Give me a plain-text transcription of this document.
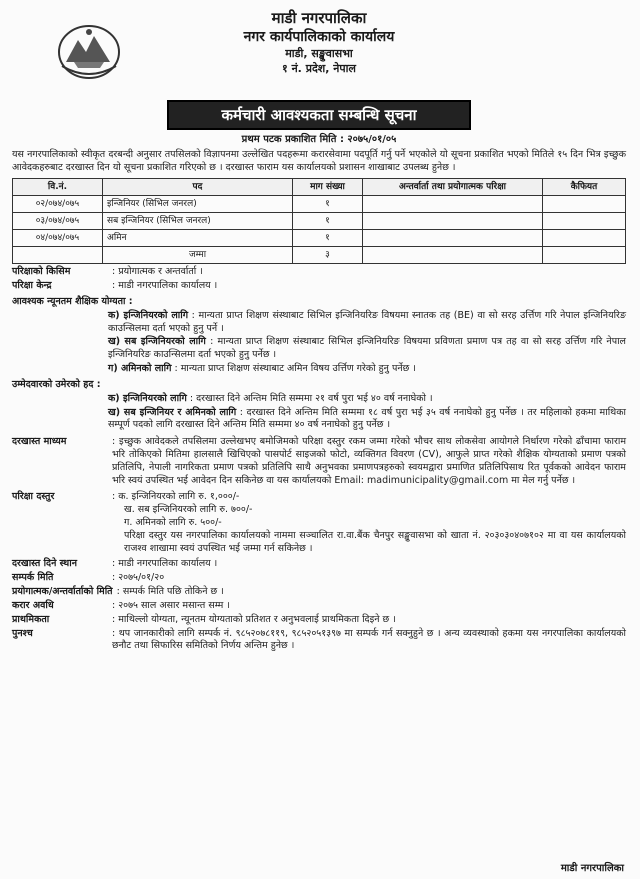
माडी नगरपालिका
नगर कार्यपालिकाको कार्यालय
माडी, सङ्खुवासभा
१ नं. प्रदेश, नेपाल
कर्मचारी आवश्यकता सम्बन्धि सूचना
प्रथम पटक प्रकाशित मिति : २०७५/०१/०५
यस नगरपालिकाको स्वीकृत दरबन्दी अनुसार तपसिलको विज्ञापनमा उल्लेखित पदहरूमा करारसेवामा पदपूर्ति गर्नु पर्ने भएकोले यो सूचना प्रकाशित भएको मितिले १५ दिन भित्र इच्छुक आवेदकहरुबाट दरखास्त दिन यो सूचना प्रकाशित गरिएको छ । दरखास्त फाराम यस कार्यालयको प्रशासन शाखाबाट उपलब्ध हुनेछ ।
वि.नं.	पद	माग संख्या	अन्तर्वार्ता तथा प्रयोगात्मक परिक्षा	कैफियत
०२/०७४/०७५	इन्जिनियर (सिभिल जनरल)	१		
०३/०७४/०७५	सब इन्जिनियर (सिभिल जनरल)	१		
०४/०७४/०७५	अमिन	१		
	जम्मा	३		
परिक्षाको किसिम	: प्रयोगात्मक र अन्तर्वार्ता ।
परिक्षा केन्द्र	: माडी नगरपालिका कार्यालय ।
आवश्यक न्यूनतम शैक्षिक योग्यता :
क) इन्जिनियरको लागि : मान्यता प्राप्त शिक्षण संस्थाबाट सिभिल इन्जिनियरिङ विषयमा स्नातक तह (BE) वा सो सरह उर्त्तिण गरि नेपाल इन्जिनियरिङ काउन्सिलमा दर्ता भएको हुनु पर्ने ।
ख) सब इन्जिनियरको लागि : मान्यता प्राप्त शिक्षण संस्थाबाट सिभिल इन्जिनियरिङ विषयमा प्रविणता प्रमाण पत्र तह वा सो सरह उर्त्तिण गरि नेपाल इन्जिनियरिङ काउन्सिलमा दर्ता भएको हुनु पर्नेछ ।
ग) अमिनको लागि : मान्यता प्राप्त शिक्षण संस्थाबाट अमिन विषय उर्त्तिण गरेको हुनु पर्नेछ ।
उम्मेदवारको उमेरको हद :
क) इन्जिनियरको लागि : दरखास्त दिने अन्तिम मिति सम्ममा २१ वर्ष पुरा भई ४० वर्ष ननाघेको ।
ख) सब इन्जिनियर र अमिनको लागि : दरखास्त दिने अन्तिम मिति सम्ममा १८ वर्ष पुरा भई ३५ वर्ष ननाघेको हुनु पर्नेछ । तर महिलाको हकमा माथिका सम्पूर्ण पदको लागि दरखास्त दिने अन्तिम मिति सम्ममा ४० वर्ष ननाघेको हुनु पर्नेछ ।
दरखास्त माध्यम	: इच्छुक आवेदकले तपसिलमा उल्लेखभए बमोजिमको परिक्षा दस्तुर रकम जम्मा गरेको भौचर साथ लोकसेवा आयोगले निर्धारण गरेको ढाँचामा फाराम भरि तोकिएको मितिमा हालसालै खिचिएको पासपोर्ट साइजको फोटो, व्यक्तिगत विवरण (CV), आफुले प्राप्त गरेको शैक्षिक योग्यताको प्रमाण पत्रको प्रतिलिपि, नेपाली नागरिकता प्रमाण पत्रको प्रतिलिपि साथै अनुभवका प्रमाणपत्रहरुको स्वयमद्वारा प्रमाणित प्रतिलिपिसाथ रित पूर्वकको आवेदन फाराम भरि स्वयं उपस्थित भई आवेदन दिन सकिनेछ वा यस कार्यालयको Email: madimunicipality@gmail.com मा मेल गर्नु पर्नेछ ।
परिक्षा दस्तुर	: क. इन्जिनियरको लागि रु. १,०००/-
ख. सब इन्जिनियरको लागि रु. ७००/-
ग. अमिनको लागि रु. ५००/-
परिक्षा दस्तुर यस नगरपालिका कार्यालयको नाममा सञ्चालित रा.वा.बैंक चैनपुर सङ्खुवासभा को खाता नं. २०३०३०४०७१०२ मा वा यस कार्यालयको राजश्व शाखामा स्वयं उपस्थित भई जम्मा गर्न सकिनेछ ।
दरखास्त दिने स्थान	: माडी नगरपालिका कार्यालय ।
सम्पर्क मिति	: २०७५/०१/२०
प्रयोगात्मक/अन्तर्वार्ताको मिति : सम्पर्क मिति पछि तोकिने छ ।
करार अवधि	: २०७५ साल असार मसान्त सम्म ।
प्राथमिकता	: माथिल्लो योग्यता, न्यूनतम योग्यताको प्रतिशत र अनुभवलाई प्राथमिकता दिइने छ ।
पुनश्च	: थप जानकारीको लागि सम्पर्क नं. ९८५२०७८११९, ९८५२०५१३९७ मा सम्पर्क गर्न सक्नुहुने छ । अन्य व्यवस्थाको हकमा यस नगरपालिका कार्यालयको छनौट तथा सिफारिस समितिको निर्णय अन्तिम हुनेछ ।
माडी नगरपालिका
